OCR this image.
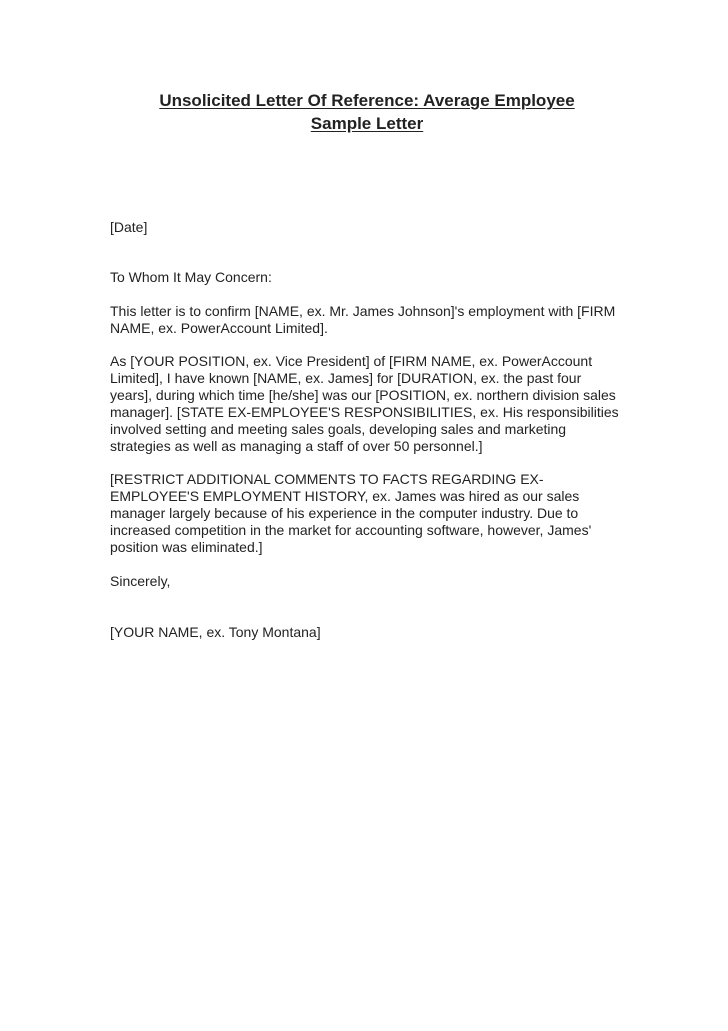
Unsolicited Letter Of Reference: Average Employee
Sample Letter

[Date]

To Whom It May Concern:

This letter is to confirm [NAME, ex. Mr. James Johnson]'s employment with [FIRM NAME, ex. PowerAccount Limited].

As [YOUR POSITION, ex. Vice President] of [FIRM NAME, ex. PowerAccount Limited], I have known [NAME, ex. James] for [DURATION, ex. the past four years], during which time [he/she] was our [POSITION, ex. northern division sales manager]. [STATE EX-EMPLOYEE'S RESPONSIBILITIES, ex. His responsibilities involved setting and meeting sales goals, developing sales and marketing strategies as well as managing a staff of over 50 personnel.]

[RESTRICT ADDITIONAL COMMENTS TO FACTS REGARDING EX-EMPLOYEE'S EMPLOYMENT HISTORY, ex. James was hired as our sales manager largely because of his experience in the computer industry. Due to increased competition in the market for accounting software, however, James' position was eliminated.]

Sincerely,

[YOUR NAME, ex. Tony Montana]
